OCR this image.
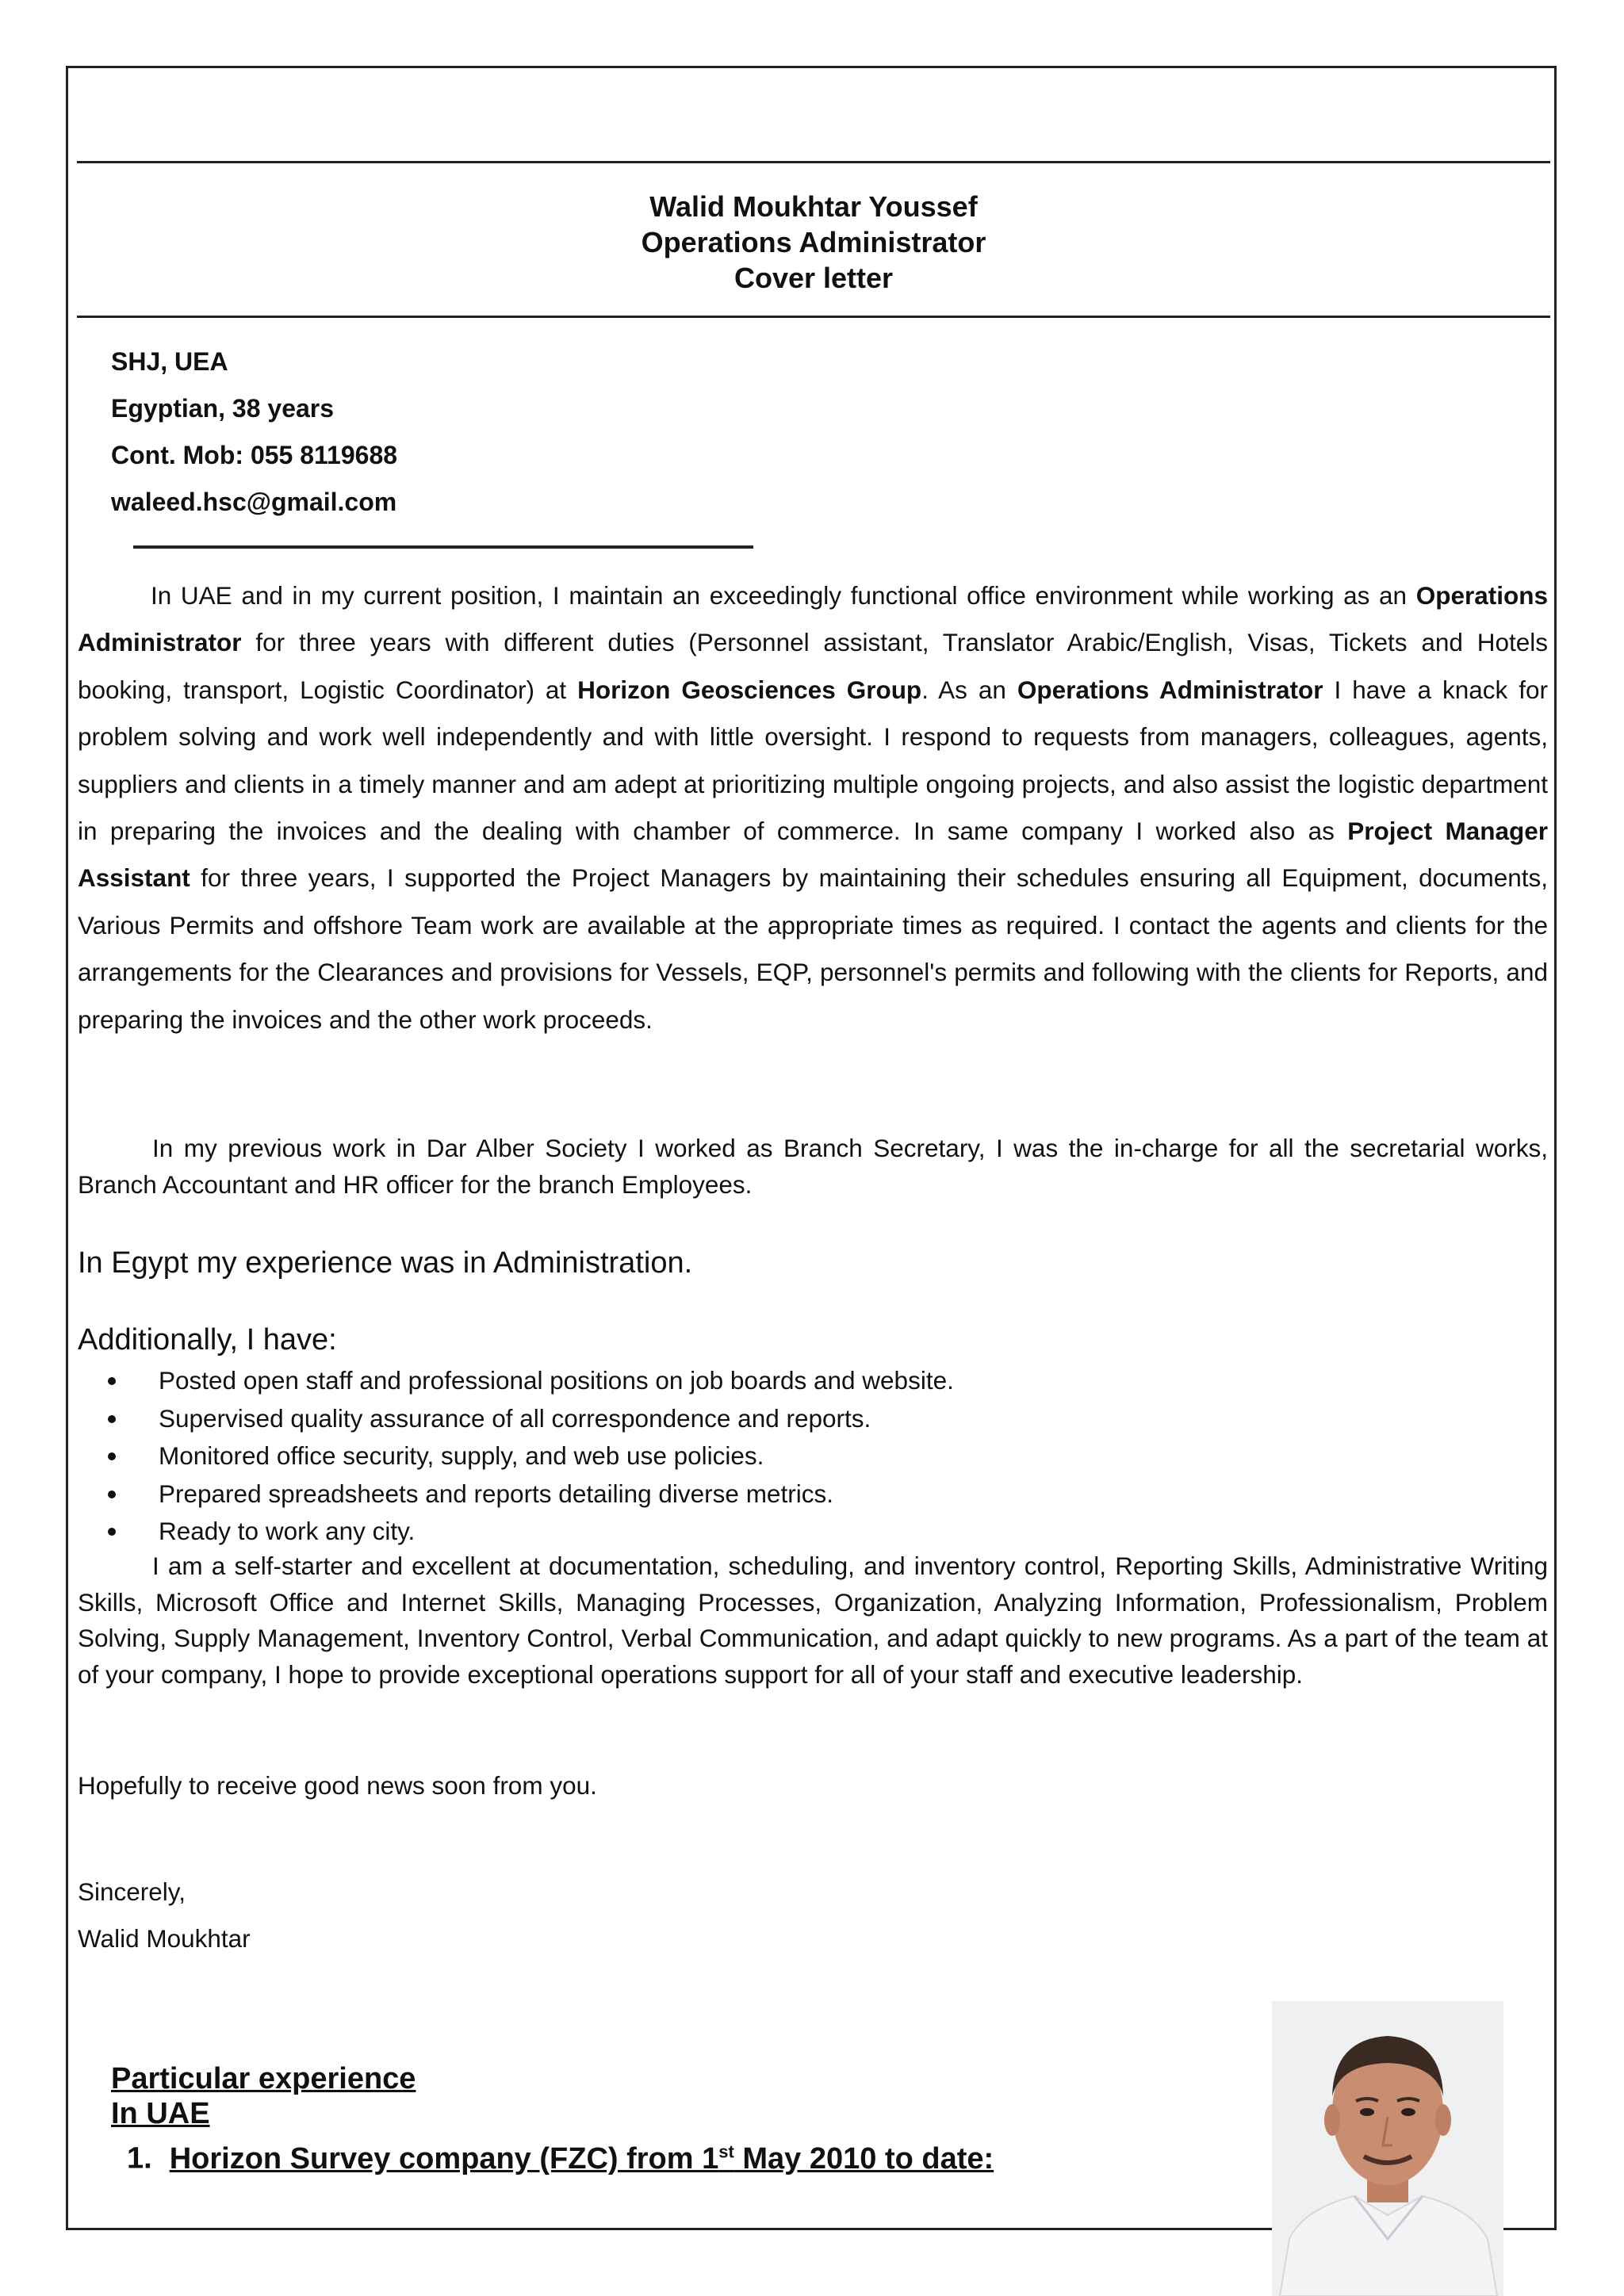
Walid Moukhtar Youssef
Operations Administrator
Cover letter
SHJ, UEA
Egyptian, 38 years
Cont. Mob: 055 8119688
waleed.hsc@gmail.com
In UAE and in my current position, I maintain an exceedingly functional office environment while working as an Operations Administrator for three years with different duties (Personnel assistant, Translator Arabic/English, Visas, Tickets and Hotels booking, transport, Logistic Coordinator) at Horizon Geosciences Group. As an Operations Administrator I have a knack for problem solving and work well independently and with little oversight. I respond to requests from managers, colleagues, agents, suppliers and clients in a timely manner and am adept at prioritizing multiple ongoing projects, and also assist the logistic department in preparing the invoices and the dealing with chamber of commerce. In same company I worked also as Project Manager Assistant for three years, I supported the Project Managers by maintaining their schedules ensuring all Equipment, documents, Various Permits and offshore Team work are available at the appropriate times as required. I contact the agents and clients for the arrangements for the Clearances and provisions for Vessels, EQP, personnel's permits and following with the clients for Reports, and preparing the invoices and the other work proceeds.
In my previous work in Dar Alber Society I worked as Branch Secretary, I was the in-charge for all the secretarial works, Branch Accountant and HR officer for the branch Employees.
In Egypt my experience was in Administration.
Additionally, I have:
Posted open staff and professional positions on job boards and website.
Supervised quality assurance of all correspondence and reports.
Monitored office security, supply, and web use policies.
Prepared spreadsheets and reports detailing diverse metrics.
Ready to work any city.
I am a self-starter and excellent at documentation, scheduling, and inventory control, Reporting Skills, Administrative Writing Skills, Microsoft Office and Internet Skills, Managing Processes, Organization, Analyzing Information, Professionalism, Problem Solving, Supply Management, Inventory Control, Verbal Communication, and adapt quickly to new programs. As a part of the team at of your company, I hope to provide exceptional operations support for all of your staff and executive leadership.
Hopefully to receive good news soon from you.
Sincerely,
Walid Moukhtar
Particular experience
In UAE
1. Horizon Survey company (FZC) from 1st May 2010 to date:
